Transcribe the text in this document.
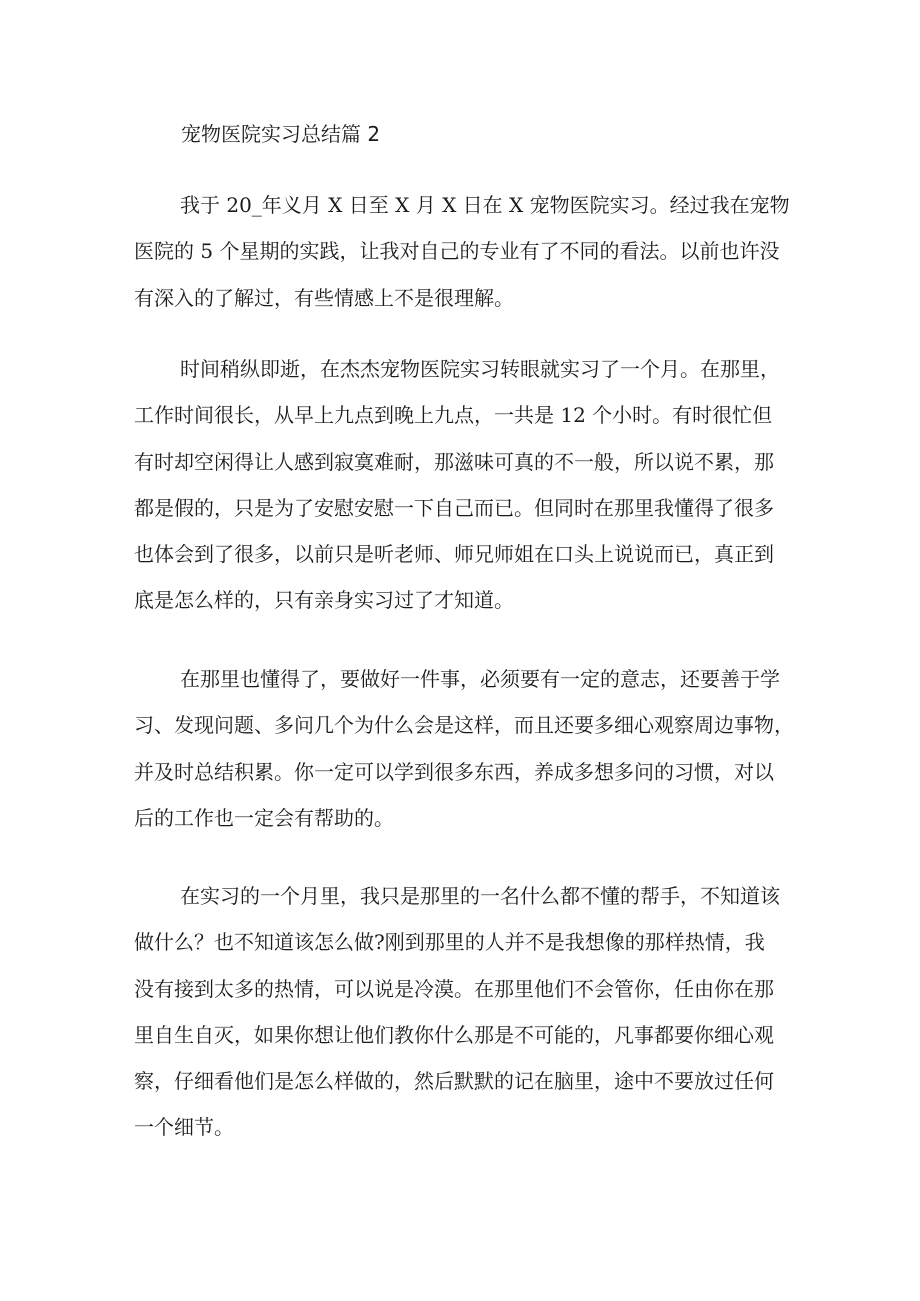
宠物医院实习总结篇 2
我于 20_年义月 X 日至 X 月 X 日在 X 宠物医院实习。经过我在宠物
医院的 5 个星期的实践，让我对自己的专业有了不同的看法。以前也许没
有深入的了解过，有些情感上不是很理解。
时间稍纵即逝，在杰杰宠物医院实习转眼就实习了一个月。在那里，
工作时间很长，从早上九点到晚上九点，一共是 12 个小时。有时很忙但
有时却空闲得让人感到寂寞难耐，那滋味可真的不一般，所以说不累，那
都是假的，只是为了安慰安慰一下自己而已。但同时在那里我懂得了很多
也体会到了很多，以前只是听老师、师兄师姐在口头上说说而已，真正到
底是怎么样的，只有亲身实习过了才知道。
在那里也懂得了，要做好一件事，必须要有一定的意志，还要善于学
习、发现问题、多问几个为什么会是这样，而且还要多细心观察周边事物，
并及时总结积累。你一定可以学到很多东西，养成多想多问的习惯，对以
后的工作也一定会有帮助的。
在实习的一个月里，我只是那里的一名什么都不懂的帮手，不知道该
做什么？也不知道该怎么做?刚到那里的人并不是我想像的那样热情，我
没有接到太多的热情，可以说是冷漠。在那里他们不会管你，任由你在那
里自生自灭，如果你想让他们教你什么那是不可能的，凡事都要你细心观
察，仔细看他们是怎么样做的，然后默默的记在脑里，途中不要放过任何
一个细节。
